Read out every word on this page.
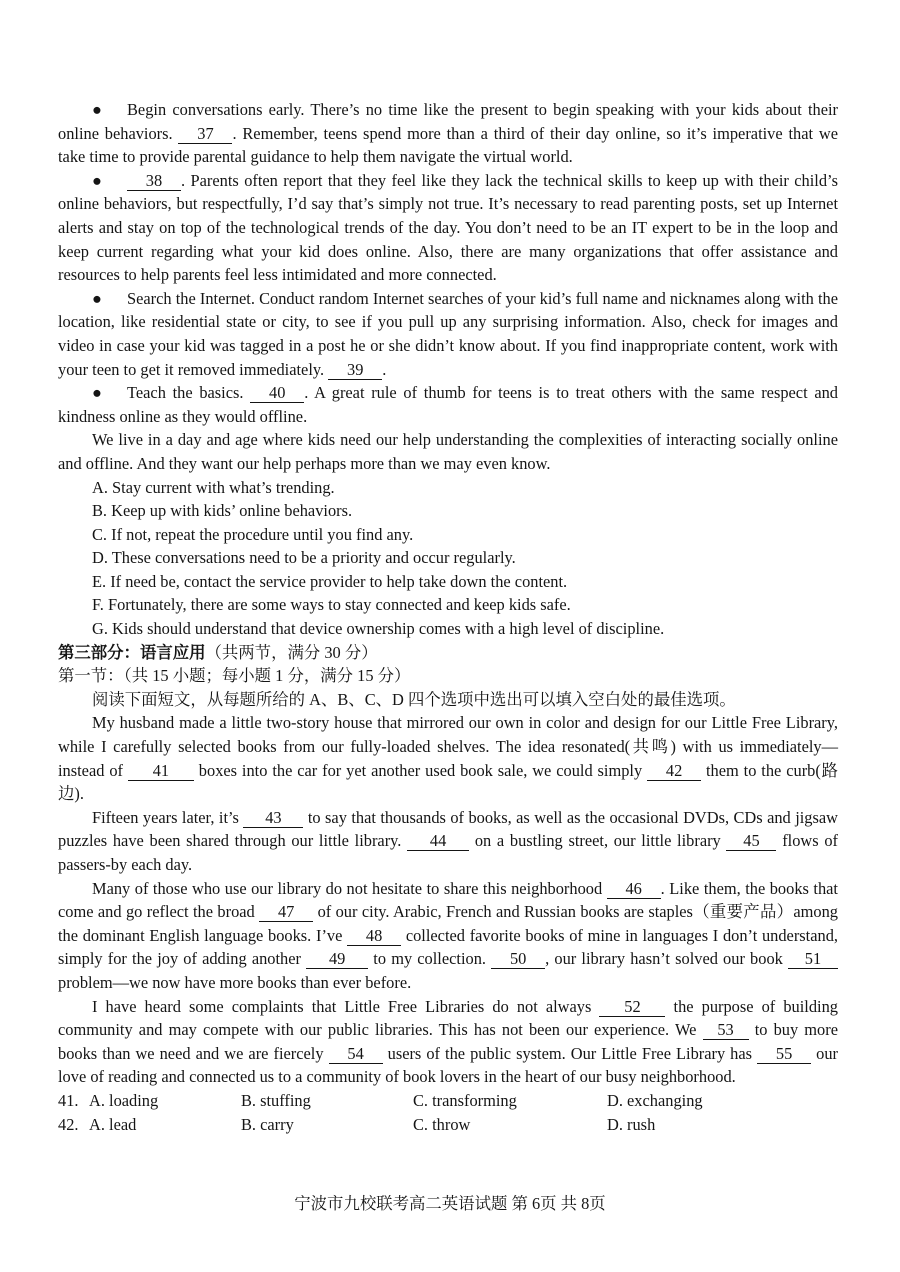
● Begin conversations early. There’s no time like the present to begin speaking with your kids about their online behaviors. 37 . Remember, teens spend more than a third of their day online, so it’s imperative that we take time to provide parental guidance to help them navigate the virtual world.

●	38 . Parents often report that they feel like they lack the technical skills to keep up with their child’s online behaviors, but respectfully, I’d say that’s simply not true. It’s necessary to read parenting posts, set up Internet alerts and stay on top of the technological trends of the day. You don’t need to be an IT expert to be in the loop and keep current regarding what your kid does online. Also, there are many organizations that offer assistance and resources to help parents feel less intimidated and more connected.

● Search the Internet. Conduct random Internet searches of your kid’s full name and nicknames along with the location, like residential state or city, to see if you pull up any surprising information. Also, check for images and video in case your kid was tagged in a post he or she didn’t know about. If you find inappropriate content, work with your teen to get it removed immediately. 39 .

● Teach the basics. 40 . A great rule of thumb for teens is to treat others with the same respect and kindness online as they would offline.

We live in a day and age where kids need our help understanding the complexities of interacting socially online and offline. And they want our help perhaps more than we may even know.

A. Stay current with what’s trending.

B. Keep up with kids’ online behaviors.

C. If not, repeat the procedure until you find any.

D. These conversations need to be a priority and occur regularly.

E. If need be, contact the service provider to help take down the content.

F. Fortunately, there are some ways to stay connected and keep kids safe.

G. Kids should understand that device ownership comes with a high level of discipline.

第三部分：语言应用（共两节，满分 30 分）

第一节：（共 15 小题；每小题 1 分，满分 15 分）

阅读下面短文，从每题所给的 A、B、C、D 四个选项中选出可以填入空白处的最佳选项。

My husband made a little two-story house that mirrored our own in color and design for our Little Free Library, while I carefully selected books from our fully-loaded shelves. The idea resonated(共鸣) with us immediately—instead of 41 boxes into the car for yet another used book sale, we could simply 42 them to the curb(路边).

Fifteen years later, it’s 43 to say that thousands of books, as well as the occasional DVDs, CDs and jigsaw puzzles have been shared through our little library. 44 on a bustling street, our little library 45 flows of passers-by each day.

Many of those who use our library do not hesitate to share this neighborhood 46 . Like them, the books that come and go reflect the broad 47 of our city. Arabic, French and Russian books are staples（重要产品）among the dominant English language books. I’ve 48 collected favorite books of mine in languages I don’t understand, simply for the joy of adding another 49 to my collection. 50 , our library hasn’t solved our book 51 problem—we now have more books than ever before.

I have heard some complaints that Little Free Libraries do not always 52 the purpose of building community and may compete with our public libraries. This has not been our experience. We 53 to buy more books than we need and we are fiercely 54 users of the public system. Our Little Free Library has 55 our love of reading and connected us to a community of book lovers in the heart of our busy neighborhood.

41. A. loading	B. stuffing	C. transforming	D. exchanging
42. A. lead	B. carry	C. throw	D. rush
宁波市九校联考高二英语试题 第 6页 共 8页
